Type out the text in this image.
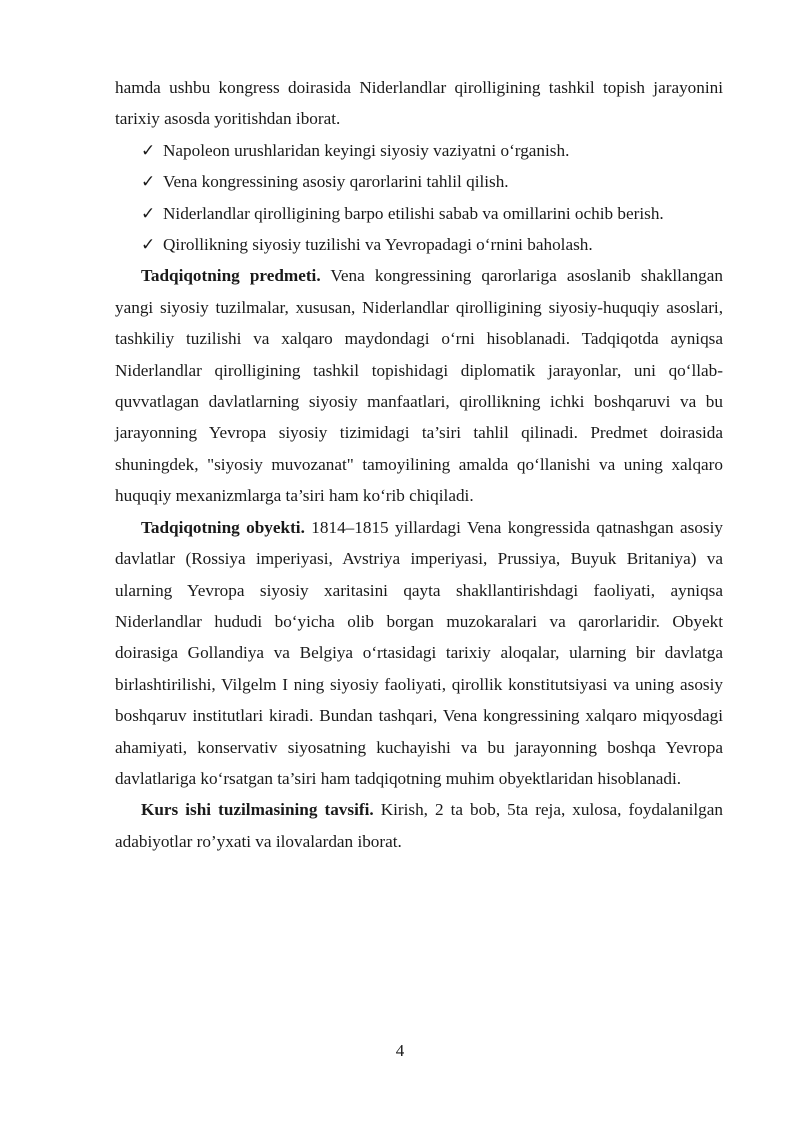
hamda ushbu kongress doirasida Niderlandlar qirolligining tashkil topish jarayonini tarixiy asosda yoritishdan iborat.

✓ Napoleon urushlaridan keyingi siyosiy vaziyatni o‘rganish.
✓ Vena kongressining asosiy qarorlarini tahlil qilish.
✓ Niderlandlar qirolligining barpo etilishi sabab va omillarini ochib berish.
✓ Qirollikning siyosiy tuzilishi va Yevropadagi o‘rnini baholash.

Tadqiqotning predmeti. Vena kongressining qarorlariga asoslanib shakllangan yangi siyosiy tuzilmalar, xususan, Niderlandlar qirolligining siyosiy-huquqiy asoslari, tashkiliy tuzilishi va xalqaro maydondagi o‘rni hisoblanadi. Tadqiqotda ayniqsa Niderlandlar qirolligining tashkil topishidagi diplomatik jarayonlar, uni qo‘llab-quvvatlagan davlatlarning siyosiy manfaatlari, qirollikning ichki boshqaruvi va bu jarayonning Yevropa siyosiy tizimidagi ta’siri tahlil qilinadi. Predmet doirasida shuningdek, "siyosiy muvozanat" tamoyilining amalda qo‘llanishi va uning xalqaro huquqiy mexanizmlarga ta’siri ham ko‘rib chiqiladi.

Tadqiqotning obyekti. 1814–1815 yillardagi Vena kongressida qatnashgan asosiy davlatlar (Rossiya imperiyasi, Avstriya imperiyasi, Prussiya, Buyuk Britaniya) va ularning Yevropa siyosiy xaritasini qayta shakllantirishdagi faoliyati, ayniqsa Niderlandlar hududi bo‘yicha olib borgan muzokaralari va qarorlaridir. Obyekt doirasiga Gollandiya va Belgiya o‘rtasidagi tarixiy aloqalar, ularning bir davlatga birlashtirilishi, Vilgelm I ning siyosiy faoliyati, qirollik konstitutsiyasi va uning asosiy boshqaruv institutlari kiradi. Bundan tashqari, Vena kongressining xalqaro miqyosdagi ahamiyati, konservativ siyosatning kuchayishi va bu jarayonning boshqa Yevropa davlatlariga ko‘rsatgan ta’siri ham tadqiqotning muhim obyektlaridan hisoblanadi.

Kurs ishi tuzilmasining tavsifi. Kirish, 2 ta bob, 5ta reja, xulosa, foydalanilgan adabiyotlar ro’yxati va ilovalardan iborat.

4
